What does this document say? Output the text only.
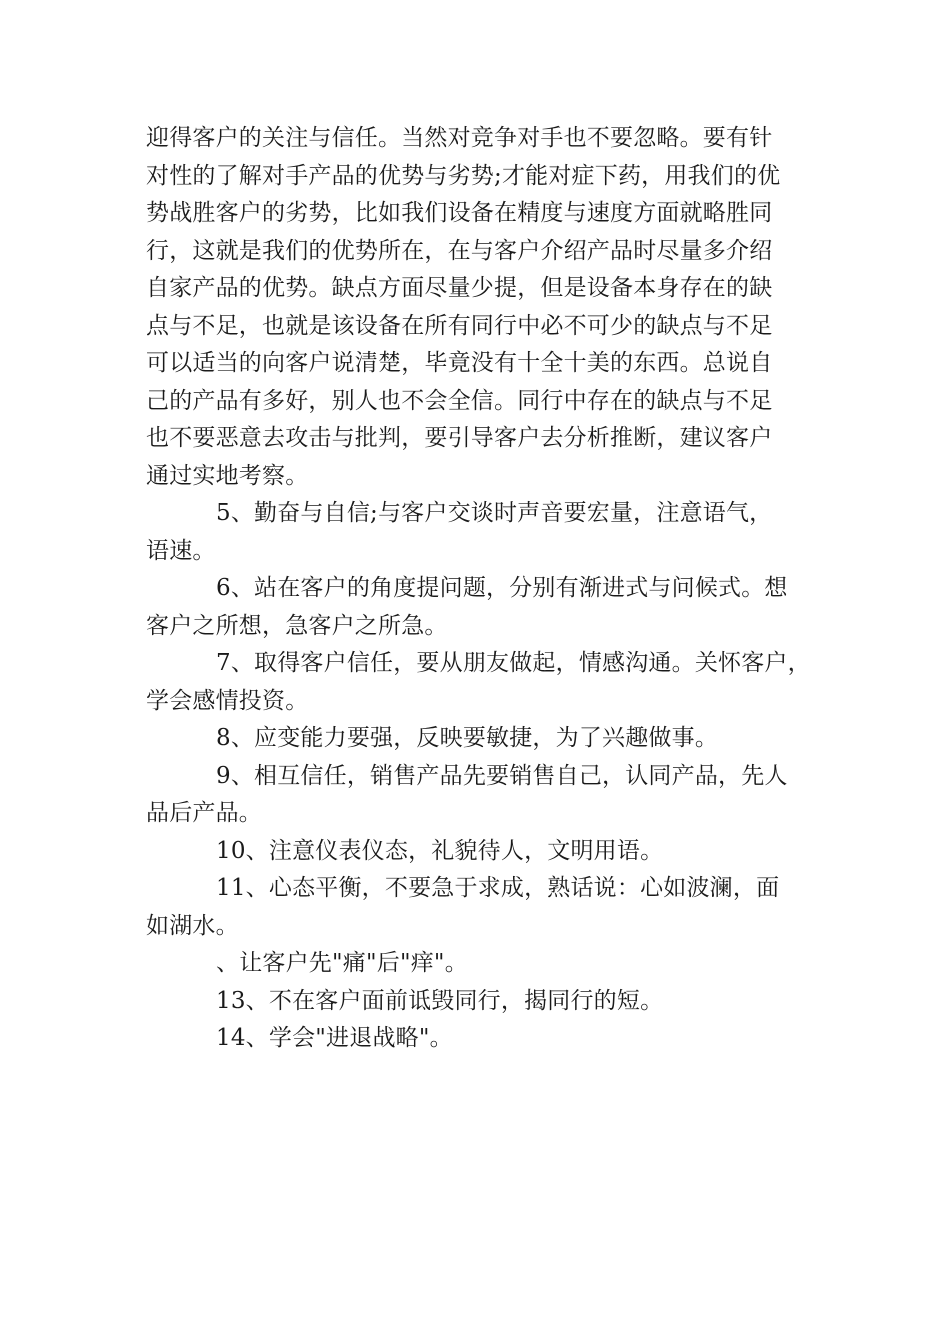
迎得客户的关注与信任。当然对竞争对手也不要忽略。要有针
对性的了解对手产品的优势与劣势;才能对症下药，用我们的优
势战胜客户的劣势，比如我们设备在精度与速度方面就略胜同
行，这就是我们的优势所在，在与客户介绍产品时尽量多介绍
自家产品的优势。缺点方面尽量少提，但是设备本身存在的缺
点与不足，也就是该设备在所有同行中必不可少的缺点与不足
可以适当的向客户说清楚，毕竟没有十全十美的东西。总说自
己的产品有多好，别人也不会全信。同行中存在的缺点与不足
也不要恶意去攻击与批判，要引导客户去分析推断，建议客户
通过实地考察。
5、勤奋与自信;与客户交谈时声音要宏量，注意语气，
语速。
6、站在客户的角度提问题，分别有渐进式与问候式。想
客户之所想，急客户之所急。
7、取得客户信任，要从朋友做起，情感沟通。关怀客户，
学会感情投资。
8、应变能力要强，反映要敏捷，为了兴趣做事。
9、相互信任，销售产品先要销售自己，认同产品，先人
品后产品。
10、注意仪表仪态，礼貌待人，文明用语。
11、心态平衡，不要急于求成，熟话说：心如波澜，面
如湖水。
、让客户先"痛"后"痒"。
13、不在客户面前诋毁同行，揭同行的短。
14、学会"进退战略"。
